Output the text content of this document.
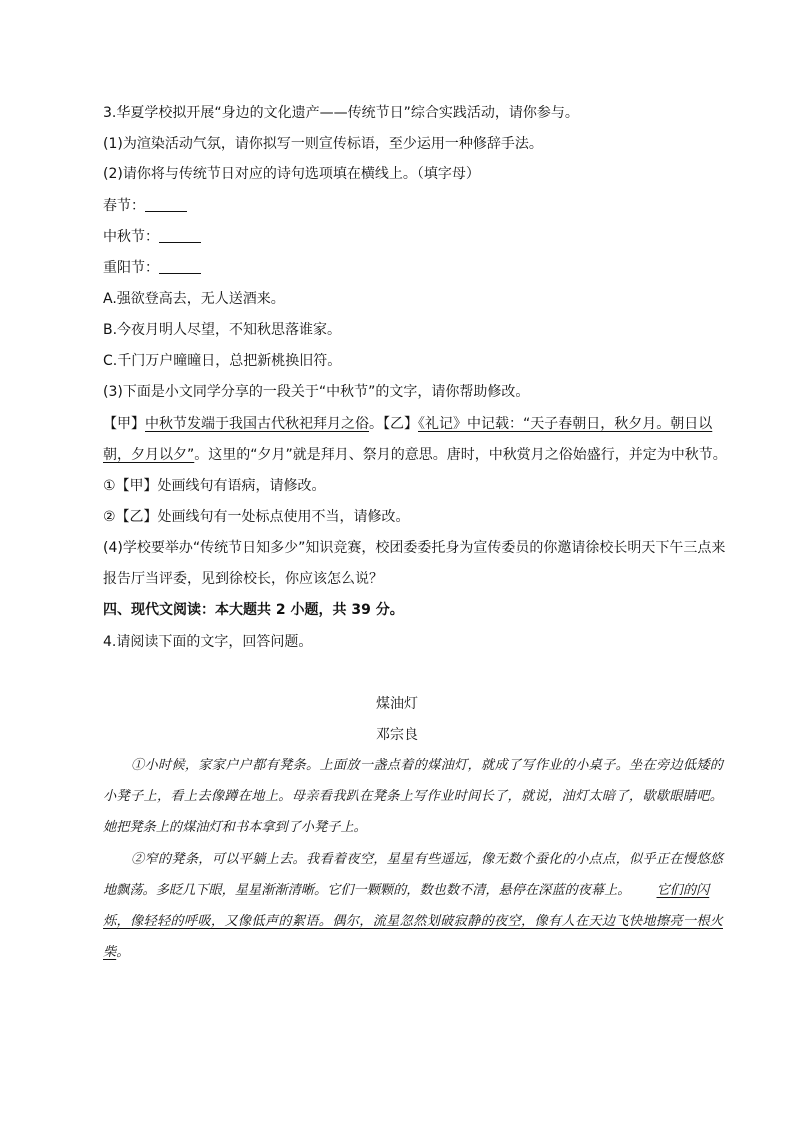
3.华夏学校拟开展“身边的文化遗产——传统节日”综合实践活动，请你参与。
(1)为渲染活动气氛，请你拟写一则宣传标语，至少运用一种修辞手法。
(2)请你将与传统节日对应的诗句选项填在横线上。（填字母）
春节：
中秋节：
重阳节：
A.强欲登高去，无人送酒来。
B.今夜月明人尽望，不知秋思落谁家。
C.千门万户曈曈日，总把新桃换旧符。
(3)下面是小文同学分享的一段关于“中秋节”的文字，请你帮助修改。
【甲】中秋节发端于我国古代秋祀拜月之俗。【乙】《礼记》中记载：“天子春朝日，秋夕月。朝日以
朝，夕月以夕”。这里的“夕月”就是拜月、祭月的意思。唐时，中秋赏月之俗始盛行，并定为中秋节。
①【甲】处画线句有语病，请修改。
②【乙】处画线句有一处标点使用不当，请修改。
(4)学校要举办“传统节日知多少”知识竞赛，校团委委托身为宣传委员的你邀请徐校长明天下午三点来
报告厅当评委，见到徐校长，你应该怎么说？
四、现代文阅读：本大题共 2 小题，共 39 分。
4.请阅读下面的文字，回答问题。
煤油灯
邓宗良
①小时候，家家户户都有凳条。上面放一盏点着的煤油灯，就成了写作业的小桌子。坐在旁边低矮的
小凳子上，看上去像蹲在地上。母亲看我趴在凳条上写作业时间长了，就说，油灯太暗了，歇歇眼睛吧。
她把凳条上的煤油灯和书本拿到了小凳子上。
②窄的凳条，可以平躺上去。我看着夜空，星星有些遥远，像无数个蚕化的小点点，似乎正在慢悠悠
地飘荡。多眨几下眼，星星渐渐清晰。它们一颗颗的，数也数不清，悬停在深蓝的夜幕上。 它们的闪
烁，像轻轻的呼吸，又像低声的絮语。偶尔，流星忽然划破寂静的夜空，像有人在天边飞快地擦亮一根火
柴。
